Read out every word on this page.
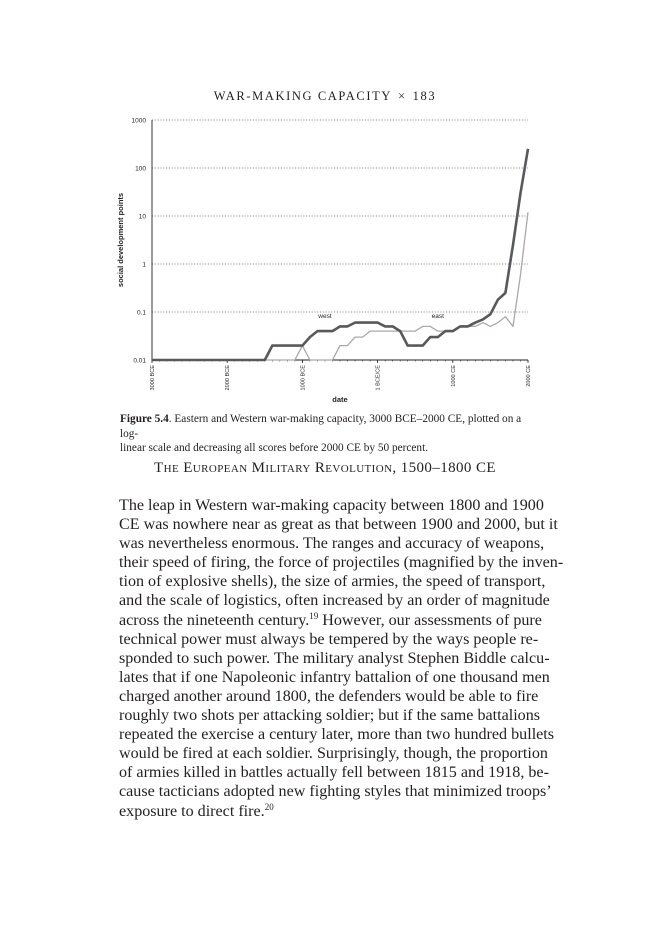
WAR-MAKING CAPACITY × 183
0.01
0.1
1
10
100
1000
3000 BCE	2000 BCE	1000 BCE	1 BCE/CE	1000 CE	2000 CE
west	east
date
social development points
Figure 5.4. Eastern and Western war-making capacity, 3000 BCE–2000 CE, plotted on a log-
linear scale and decreasing all scores before 2000 CE by 50 percent.
The European Military Revolution, 1500–1800 CE
The leap in Western war-making capacity between 1800 and 1900
CE was nowhere near as great as that between 1900 and 2000, but it
was nevertheless enormous. The ranges and accuracy of weapons,
their speed of firing, the force of projectiles (magnified by the inven-
tion of explosive shells), the size of armies, the speed of transport,
and the scale of logistics, often increased by an order of magnitude
across the nineteenth century.$^{19}$ However, our assessments of pure
technical power must always be tempered by the ways people re-
sponded to such power. The military analyst Stephen Biddle calcu-
lates that if one Napoleonic infantry battalion of one thousand men
charged another around 1800, the defenders would be able to fire
roughly two shots per attacking soldier; but if the same battalions
repeated the exercise a century later, more than two hundred bullets
would be fired at each soldier. Surprisingly, though, the proportion
of armies killed in battles actually fell between 1815 and 1918, be-
cause tacticians adopted new fighting styles that minimized troops’
exposure to direct fire.$^{20}$
